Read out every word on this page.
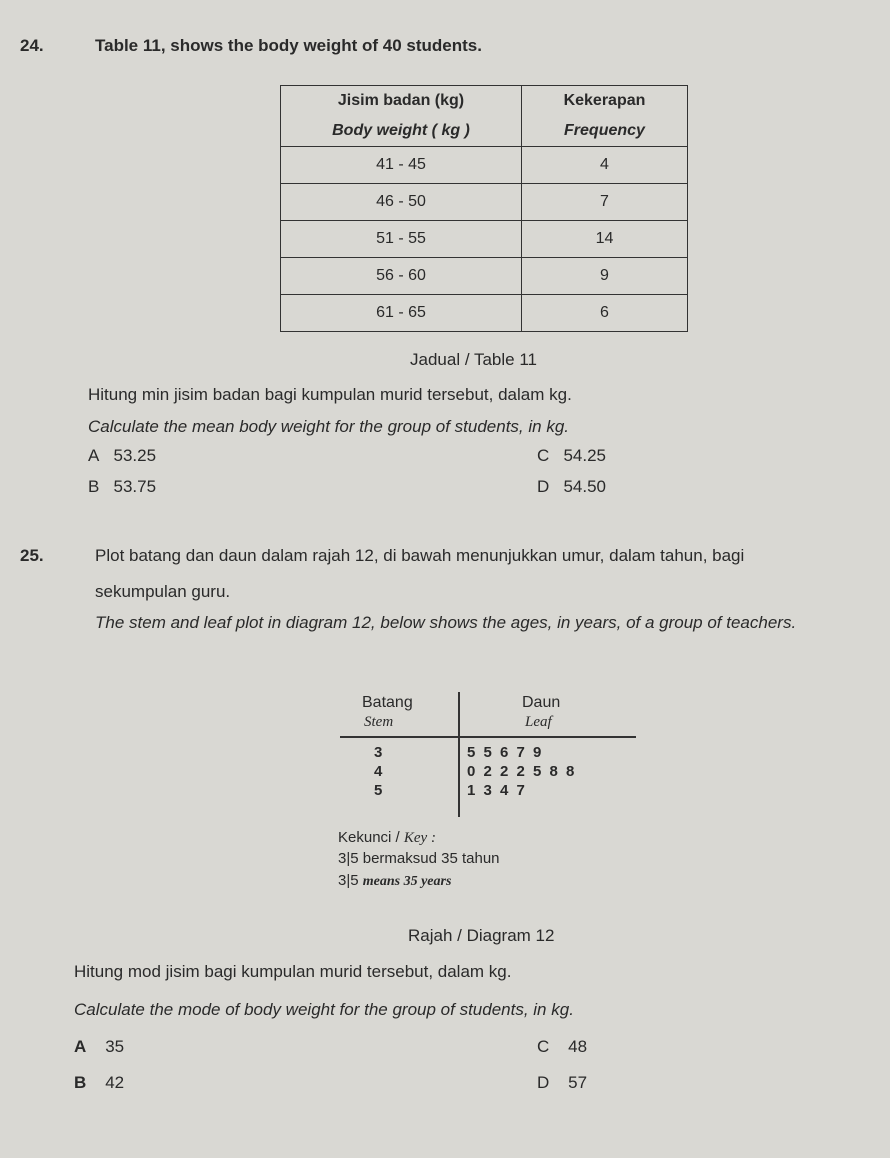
24.	Table 11, shows the body weight of 40 students.
Jisim badan (kg)	Kekerapan
Body weight ( kg )	Frequency
41 - 45	4
46 - 50	7
51 - 55	14
56 - 60	9
61 - 65	6
Jadual / Table 11
Hitung min jisim badan bagi kumpulan murid tersebut, dalam kg.
Calculate the mean body weight for the group of students, in kg.
A   53.25	C   54.25
B   53.75	D   54.50
25.	Plot batang dan daun dalam rajah 12, di bawah menunjukkan umur, dalam tahun, bagi
sekumpulan guru.
The stem and leaf plot in diagram 12, below shows the ages, in years, of a group of teachers.
Batang
Stem
Daun
Leaf
3	5 5 6 7 9
4	0 2 2 2 5 8 8
5	1 3 4 7
Kekunci / Key :
3|5 bermaksud 35 tahun
3|5 means 35 years
Rajah / Diagram 12
Hitung mod jisim bagi kumpulan murid tersebut, dalam kg.
Calculate the mode of body weight for the group of students, in kg.
A 35	C    48
B 42	D    57
